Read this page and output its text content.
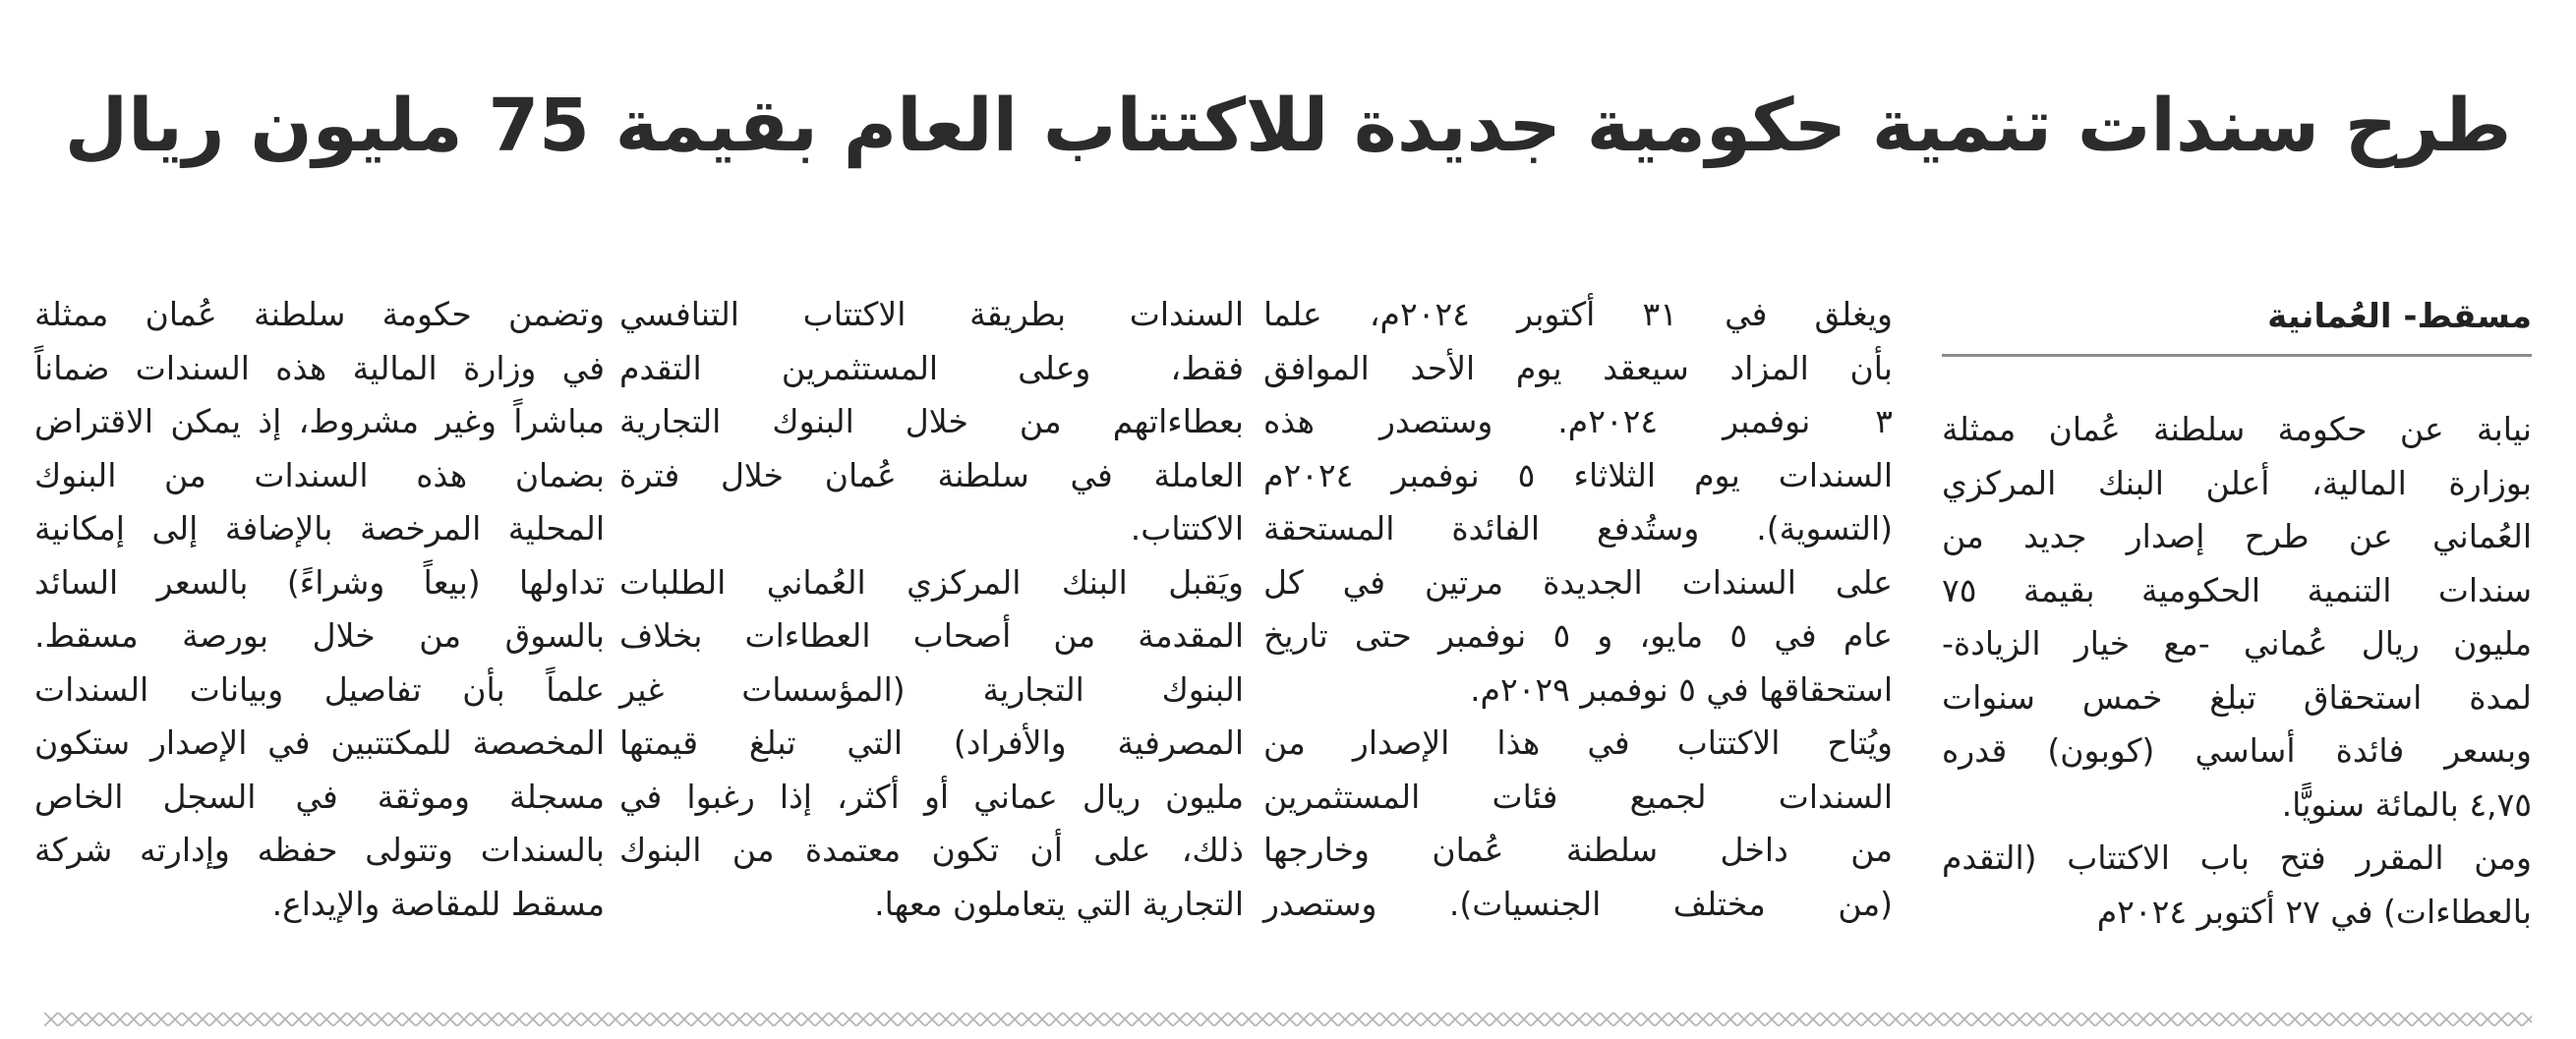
طرح سندات تنمية حكومية جديدة للاكتتاب العام بقيمة 75 مليون ريال
مسقط- العُمانية
نيابة عن حكومة سلطنة عُمان ممثلة
بوزارة المالية، أعلن البنك المركزي
العُماني عن طرح إصدار جديد من
سندات التنمية الحكومية بقيمة ٧٥
مليون ريال عُماني -مع خيار الزيادة-
لمدة استحقاق تبلغ خمس سنوات
وبسعر فائدة أساسي (كوبون) قدره
٤,٧٥ بالمائة سنويًّا.
ومن المقرر فتح باب الاكتتاب (التقدم
بالعطاءات) في ٢٧ أكتوبر ٢٠٢٤م
ويغلق في ٣١ أكتوبر ٢٠٢٤م، علما
بأن المزاد سيعقد يوم الأحد الموافق
٣ نوفمبر ٢٠٢٤م. وستصدر هذه
السندات يوم الثلاثاء ٥ نوفمبر ٢٠٢٤م
(التسوية). وستُدفع الفائدة المستحقة
على السندات الجديدة مرتين في كل
عام في ٥ مايو، و ٥ نوفمبر حتى تاريخ
استحقاقها في ٥ نوفمبر ٢٠٢٩م.
ويُتاح الاكتتاب في هذا الإصدار من
السندات لجميع فئات المستثمرين
من داخل سلطنة عُمان وخارجها
(من مختلف الجنسيات). وستصدر
السندات بطريقة الاكتتاب التنافسي
فقط، وعلى المستثمرين التقدم
بعطاءاتهم من خلال البنوك التجارية
العاملة في سلطنة عُمان خلال فترة
الاكتتاب.
ويَقبل البنك المركزي العُماني الطلبات
المقدمة من أصحاب العطاءات بخلاف
البنوك التجارية (المؤسسات غير
المصرفية والأفراد) التي تبلغ قيمتها
مليون ريال عماني أو أكثر، إذا رغبوا في
ذلك، على أن تكون معتمدة من البنوك
التجارية التي يتعاملون معها.
وتضمن حكومة سلطنة عُمان ممثلة
في وزارة المالية هذه السندات ضماناً
مباشراً وغير مشروط، إذ يمكن الاقتراض
بضمان هذه السندات من البنوك
المحلية المرخصة بالإضافة إلى إمكانية
تداولها (بيعاً وشراءً) بالسعر السائد
بالسوق من خلال بورصة مسقط.
علماً بأن تفاصيل وبيانات السندات
المخصصة للمكتتبين في الإصدار ستكون
مسجلة وموثقة في السجل الخاص
بالسندات وتتولى حفظه وإدارته شركة
مسقط للمقاصة والإيداع.
